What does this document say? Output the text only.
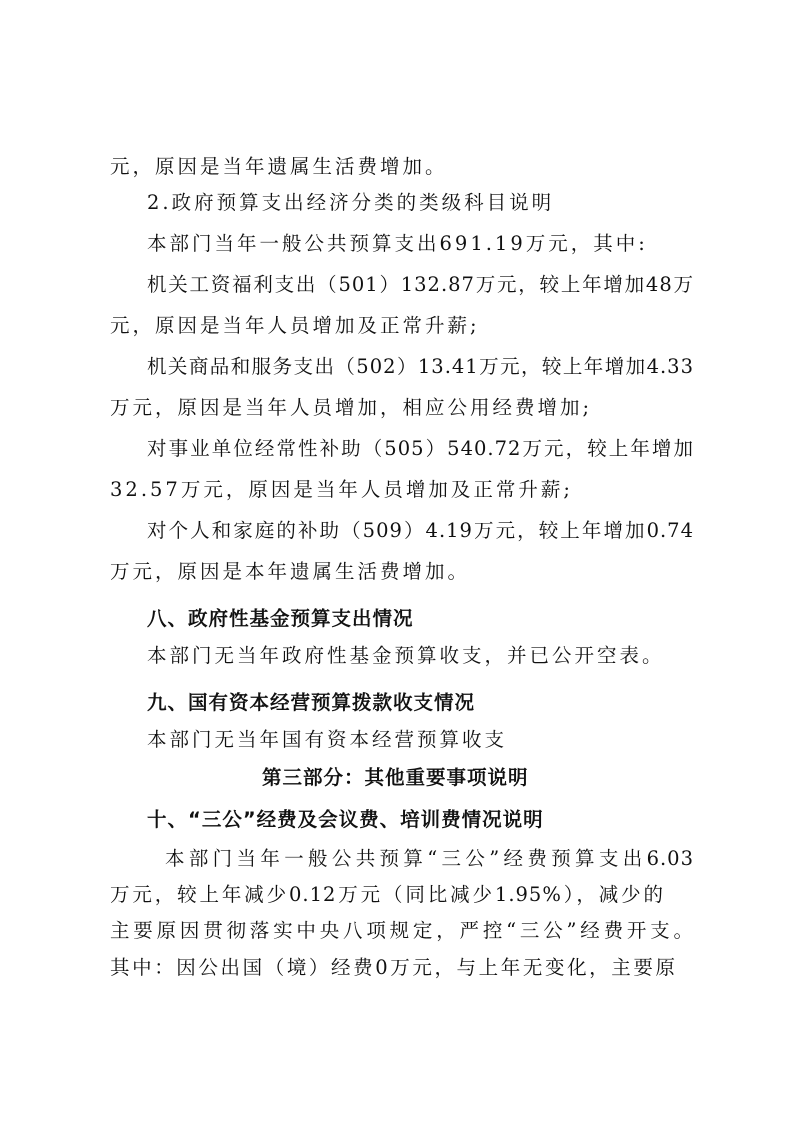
元，原因是当年遗属生活费增加。
2.政府预算支出经济分类的类级科目说明
本部门当年一般公共预算支出691.19万元，其中:
机关工资福利支出（501）132.87万元，较上年增加48万
元，原因是当年人员增加及正常升薪;
机关商品和服务支出（502）13.41万元，较上年增加4.33
万元，原因是当年人员增加，相应公用经费增加;
对事业单位经常性补助（505）540.72万元，较上年增加
32.57万元，原因是当年人员增加及正常升薪;
对个人和家庭的补助（509）4.19万元，较上年增加0.74
万元，原因是本年遗属生活费增加。
八、政府性基金预算支出情况
本部门无当年政府性基金预算收支，并已公开空表。
九、国有资本经营预算拨款收支情况
本部门无当年国有资本经营预算收支
第三部分：其他重要事项说明
十、“三公”经费及会议费、培训费情况说明
本部门当年一般公共预算“三公”经费预算支出6.03
万元，较上年减少0.12万元（同比减少1.95%），减少的
主要原因贯彻落实中央八项规定，严控“三公”经费开支。
其中：因公出国（境）经费0万元，与上年无变化，主要原
